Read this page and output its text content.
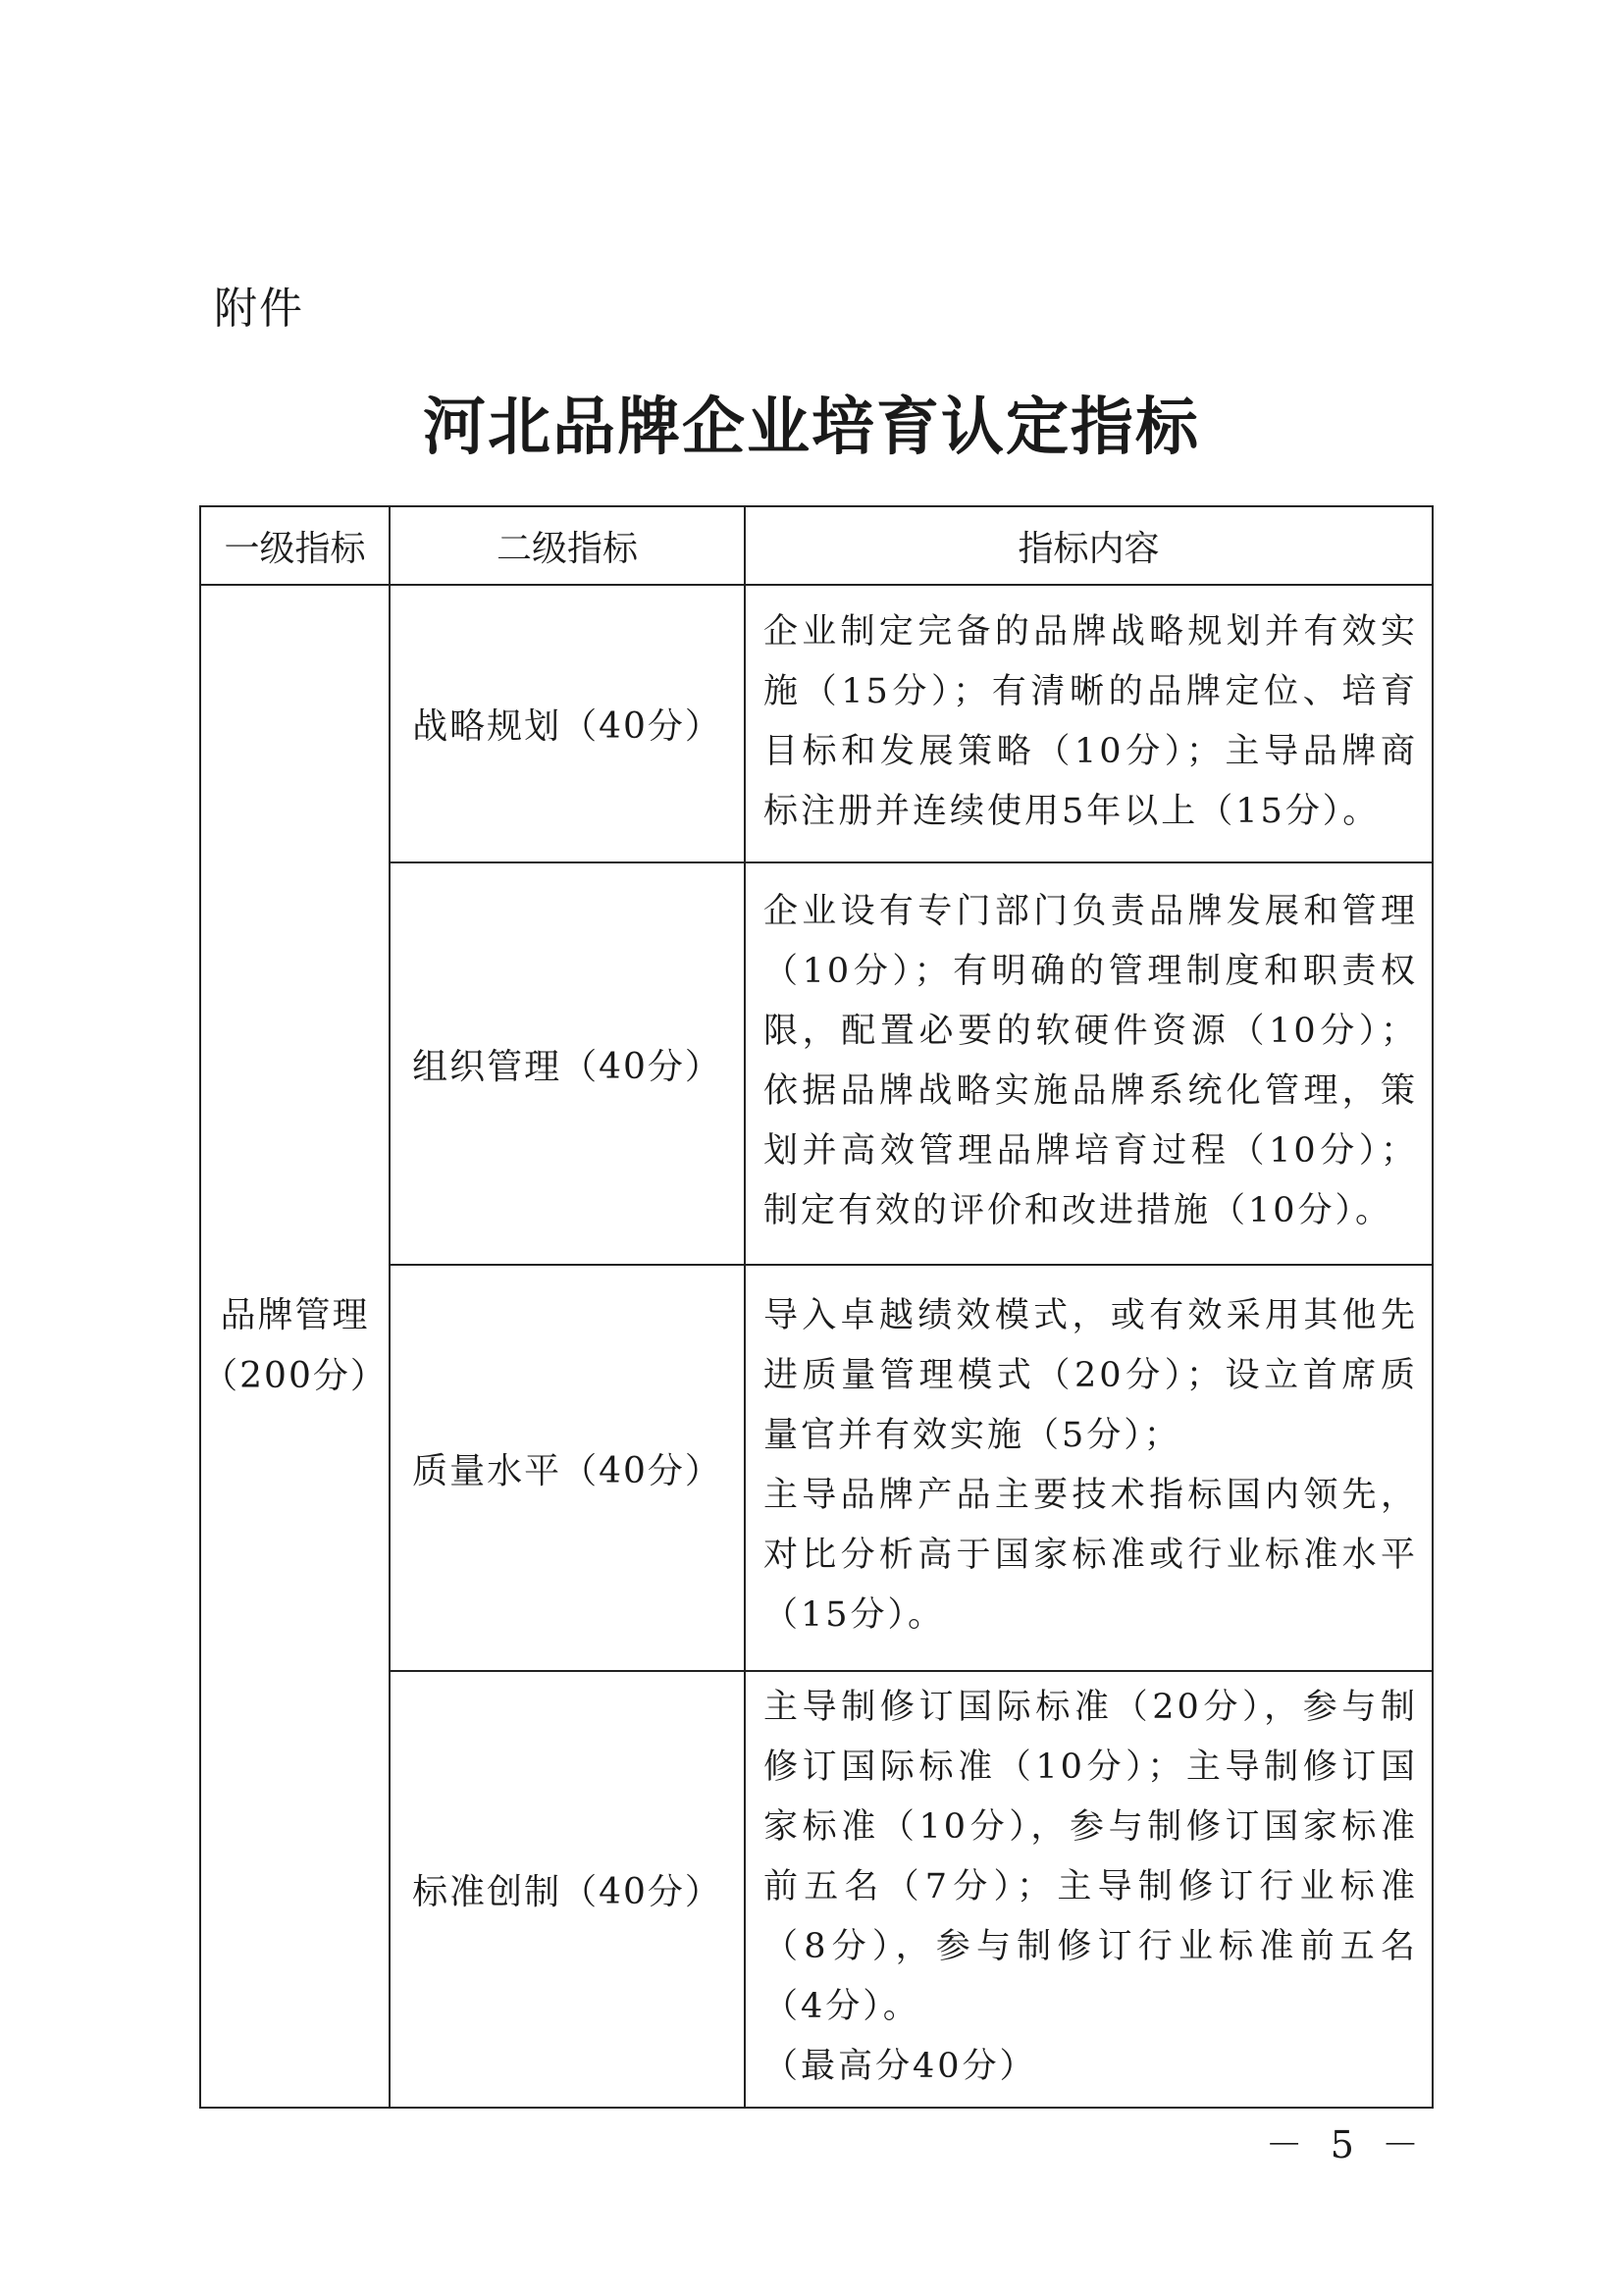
附件
河北品牌企业培育认定指标
一级指标	二级指标	指标内容

品牌管理
（200分）	战略规划（40分）	企业制定完备的品牌战略规划并有效实施（15分）；有清晰的品牌定位、培育目标和发展策略（10分）；主导品牌商标注册并连续使用5年以上（15分）。

	组织管理（40分）	企业设有专门部门负责品牌发展和管理（10分）；有明确的管理制度和职责权限，配置必要的软硬件资源（10分）；依据品牌战略实施品牌系统化管理，策划并高效管理品牌培育过程（10分）；制定有效的评价和改进措施（10分）。

	质量水平（40分）	导入卓越绩效模式，或有效采用其他先进质量管理模式（20分）；设立首席质量官并有效实施（5分）；

主导品牌产品主要技术指标国内领先，对比分析高于国家标准或行业标准水平（15分）。

	标准创制（40分）	主导制修订国际标准（20分），参与制修订国际标准（10分）；主导制修订国家标准（10分），参与制修订国家标准前五名（7分）；主导制修订行业标准（8分），参与制修订行业标准前五名（4分）。

（最高分40分）

－ 5 －
